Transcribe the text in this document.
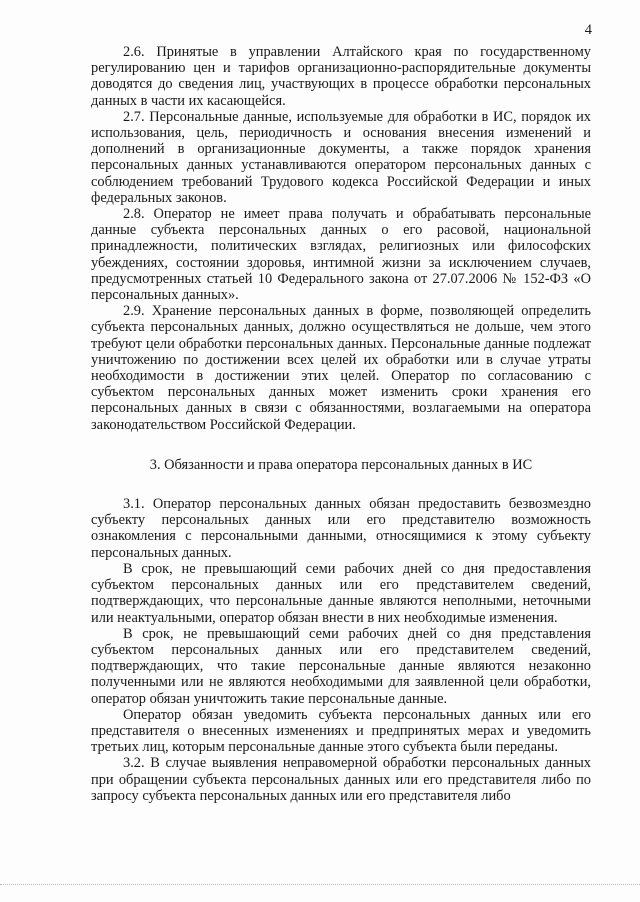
4

2.6. Принятые в управлении Алтайского края по государственному регулированию цен и тарифов организационно-распорядительные документы доводятся до сведения лиц, участвующих в процессе обработки персональных данных в части их касающейся.

2.7. Персональные данные, используемые для обработки в ИС, порядок их использования, цель, периодичность и основания внесения изменений и дополнений в организационные документы, а также порядок хранения персональных данных устанавливаются оператором персональных данных с соблюдением требований Трудового кодекса Российской Федерации и иных федеральных законов.

2.8. Оператор не имеет права получать и обрабатывать персональные данные субъекта персональных данных о его расовой, национальной принадлежности, политических взглядах, религиозных или философских убеждениях, состоянии здоровья, интимной жизни за исключением случаев, предусмотренных статьей 10 Федерального закона от 27.07.2006 № 152-ФЗ «О персональных данных».

2.9. Хранение персональных данных в форме, позволяющей определить субъекта персональных данных, должно осуществляться не дольше, чем этого требуют цели обработки персональных данных. Персональные данные подлежат уничтожению по достижении всех целей их обработки или в случае утраты необходимости в достижении этих целей. Оператор по согласованию с субъектом персональных данных может изменить сроки хранения его персональных данных в связи с обязанностями, возлагаемыми на оператора законодательством Российской Федерации.

3. Обязанности и права оператора персональных данных в ИС

3.1. Оператор персональных данных обязан предоставить безвозмездно субъекту персональных данных или его представителю возможность ознакомления с персональными данными, относящимися к этому субъекту персональных данных.

В срок, не превышающий семи рабочих дней со дня предоставления субъектом персональных данных или его представителем сведений, подтверждающих, что персональные данные являются неполными, неточными или неактуальными, оператор обязан внести в них необходимые изменения.

В срок, не превышающий семи рабочих дней со дня представления субъектом персональных данных или его представителем сведений, подтверждающих, что такие персональные данные являются незаконно полученными или не являются необходимыми для заявленной цели обработки, оператор обязан уничтожить такие персональные данные.

Оператор обязан уведомить субъекта персональных данных или его представителя о внесенных изменениях и предпринятых мерах и уведомить третьих лиц, которым персональные данные этого субъекта были переданы.

3.2. В случае выявления неправомерной обработки персональных данных при обращении субъекта персональных данных или его представителя либо по запросу субъекта персональных данных или его представителя либо
